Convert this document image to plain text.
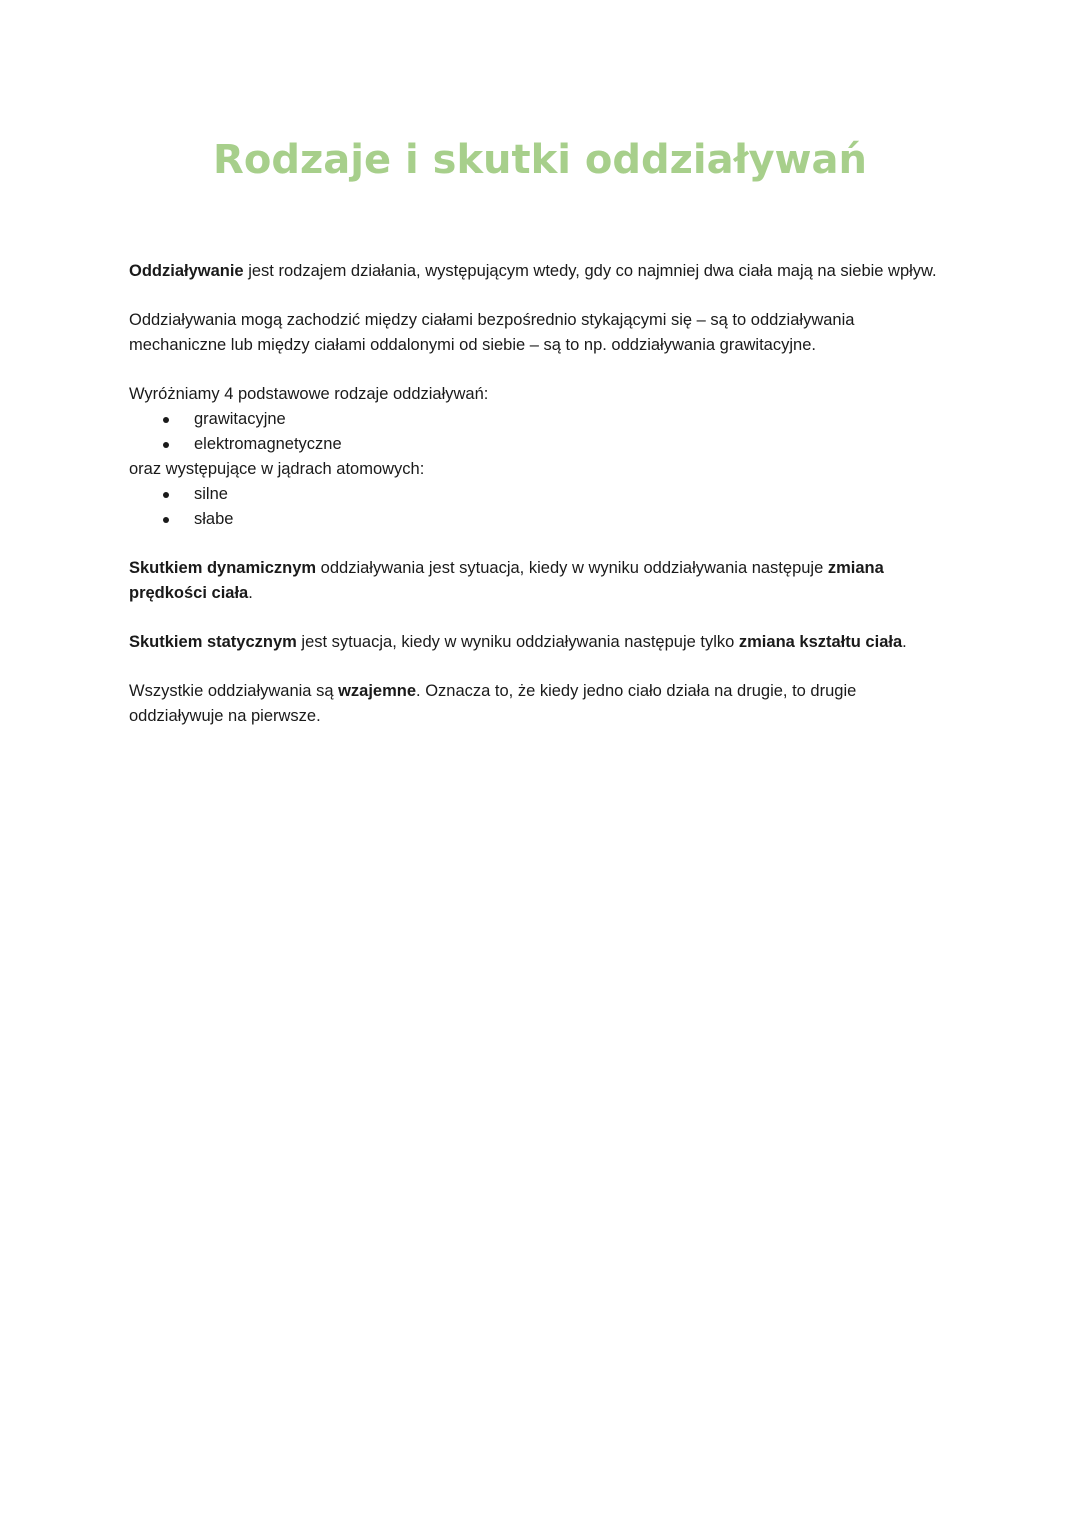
Rodzaje i skutki oddziaływań

Oddziaływanie jest rodzajem działania, występującym wtedy, gdy co najmniej dwa ciała mają na siebie wpływ.

Oddziaływania mogą zachodzić między ciałami bezpośrednio stykającymi się – są to oddziaływania mechaniczne lub między ciałami oddalonymi od siebie – są to np. oddziaływania grawitacyjne.

Wyróżniamy 4 podstawowe rodzaje oddziaływań:

grawitacyjne
elektromagnetyczne

oraz występujące w jądrach atomowych:

silne
słabe

Skutkiem dynamicznym oddziaływania jest sytuacja, kiedy w wyniku oddziaływania następuje zmiana prędkości ciała.

Skutkiem statycznym jest sytuacja, kiedy w wyniku oddziaływania następuje tylko zmiana kształtu ciała.

Wszystkie oddziaływania są wzajemne. Oznacza to, że kiedy jedno ciało działa na drugie, to drugie oddziaływuje na pierwsze.
